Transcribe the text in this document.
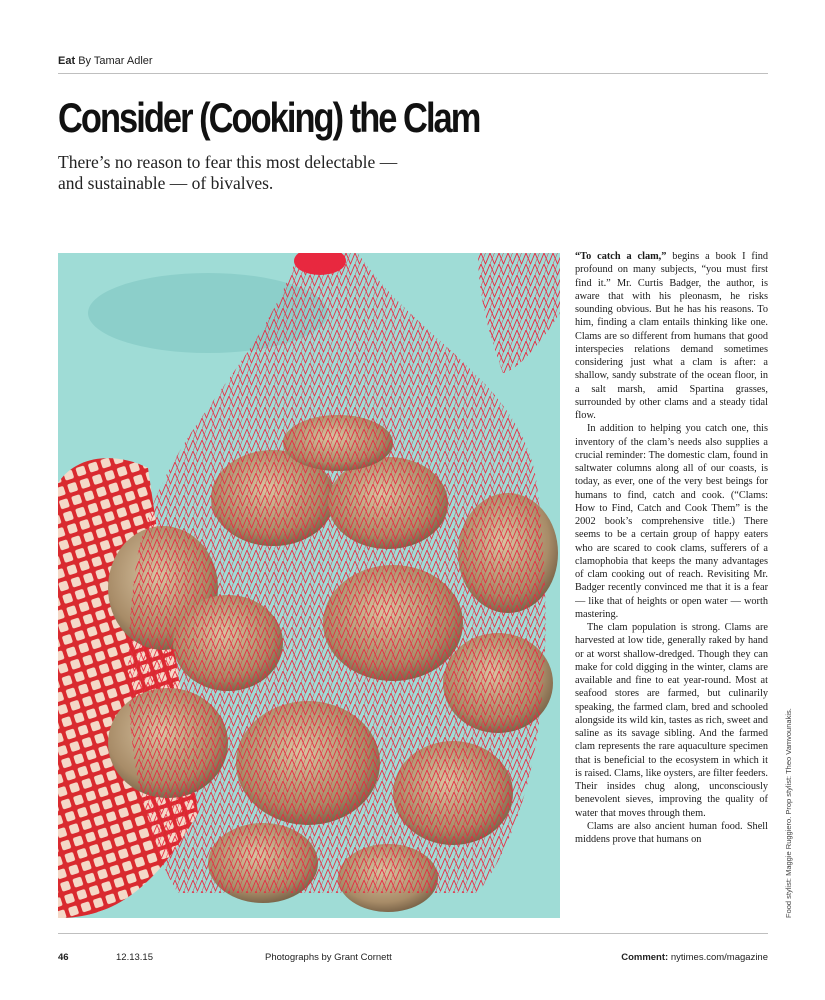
Eat By Tamar Adler
Consider (Cooking) the Clam

There’s no reason to fear this most delectable — and sustainable — of bivalves.

“To catch a clam,” begins a book I find profound on many subjects, “you must first find it.” Mr. Curtis Badger, the author, is aware that with his pleonasm, he risks sounding obvious. But he has his reasons. To him, finding a clam entails thinking like one. Clams are so different from humans that good interspecies relations demand sometimes considering just what a clam is after: a shallow, sandy substrate of the ocean floor, in a salt marsh, amid Spartina grasses, surrounded by other clams and a steady tidal flow.

In addition to helping you catch one, this inventory of the clam’s needs also supplies a crucial reminder: The domestic clam, found in saltwater columns along all of our coasts, is today, as ever, one of the very best beings for humans to find, catch and cook. (“Clams: How to Find, Catch and Cook Them” is the 2002 book’s comprehensive title.) There seems to be a certain group of happy eaters who are scared to cook clams, sufferers of a clamophobia that keeps the many advantages of clam cooking out of reach. Revisiting Mr. Badger recently convinced me that it is a fear — like that of heights or open water — worth mastering.

The clam population is strong. Clams are harvested at low tide, generally raked by hand or at worst shallow-dredged. Though they can make for cold digging in the winter, clams are available and fine to eat year-round. Most at seafood stores are farmed, but culinarily speaking, the farmed clam, bred and schooled alongside its wild kin, tastes as rich, sweet and saline as its savage sibling. And the farmed clam represents the rare aquaculture specimen that is beneficial to the ecosystem in which it is raised. Clams, like oysters, are filter feeders. Their insides chug along, unconsciously benevolent sieves, improving the quality of water that moves through them.

Clams are also ancient human food. Shell middens prove that humans on	Food stylist: Maggie Ruggiero. Prop stylist: Theo Vamvounakis.
46	12.13.15	Photographs by Grant Cornett	Comment: nytimes.com/magazine
